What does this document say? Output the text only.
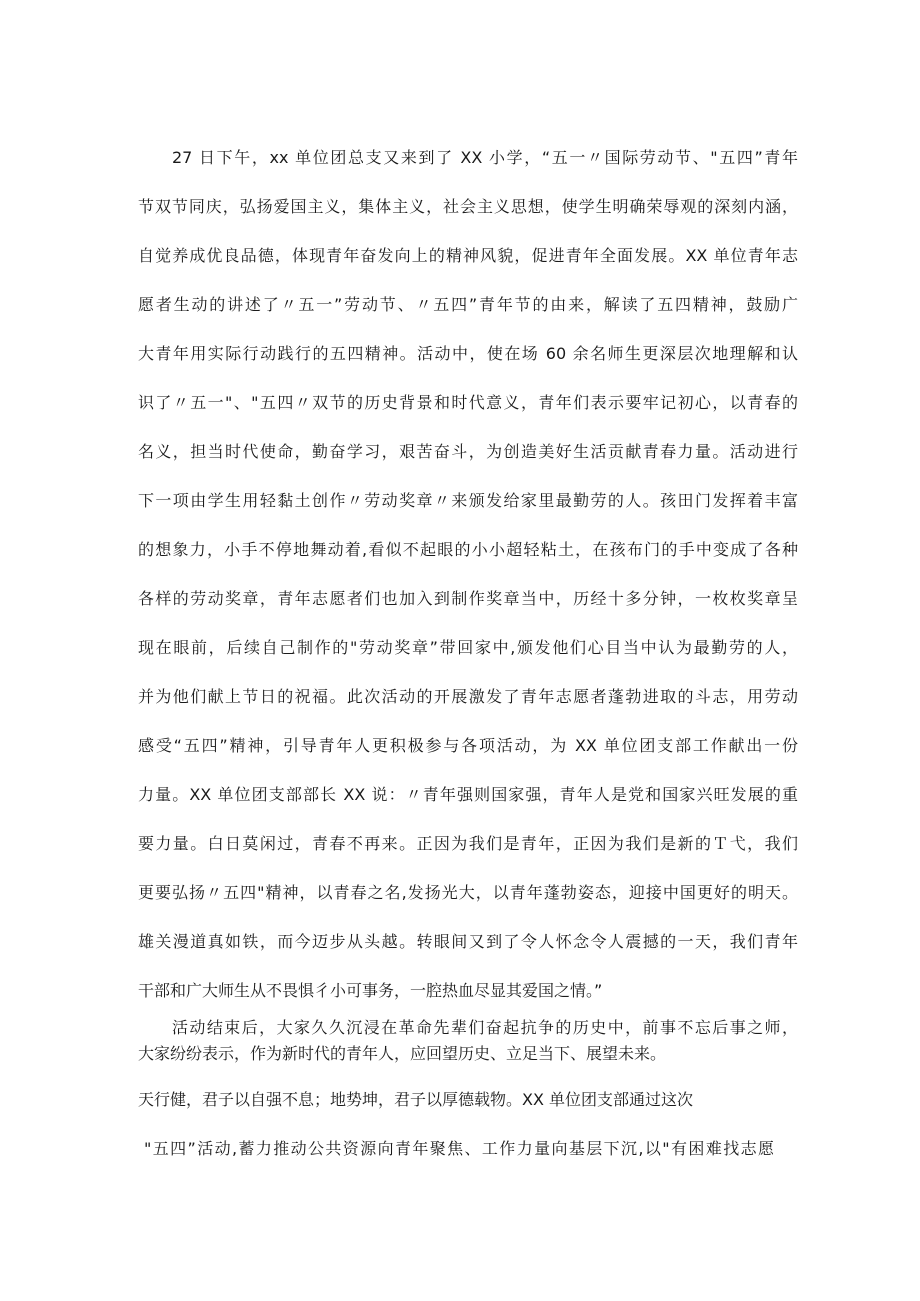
27 日下午，xx 单位团总支又来到了 XX 小学，“五一〃国际劳动节、"五四”青年
节双节同庆，弘扬爱国主义，集体主义，社会主义思想，使学生明确荣辱观的深刻内涵，
自觉养成优良品德，体现青年奋发向上的精神风貌，促进青年全面发展。XX 单位青年志
愿者生动的讲述了〃五一”劳动节、〃五四”青年节的由来，解读了五四精神，鼓励广
大青年用实际行动践行的五四精神。活动中，使在场 60 余名师生更深层次地理解和认
识了〃五一"、"五四〃双节的历史背景和时代意义，青年们表示要牢记初心，以青春的
名义，担当时代使命，勤奋学习，艰苦奋斗，为创造美好生活贡献青春力量。活动进行
下一项由学生用轻黏土创作〃劳动奖章〃来颁发给家里最勤劳的人。孩田门发挥着丰富
的想象力，小手不停地舞动着,看似不起眼的小小超轻粘土，在孩布门的手中变成了各种
各样的劳动奖章，青年志愿者们也加入到制作奖章当中，历经十多分钟，一枚枚奖章呈
现在眼前，后续自己制作的"劳动奖章”带回家中,颁发他们心目当中认为最勤劳的人，
并为他们献上节日的祝福。此次活动的开展激发了青年志愿者蓬勃进取的斗志，用劳动
感受“五四”精神，引导青年人更积极参与各项活动，为 XX 单位团支部工作献出一份
力量。XX 单位团支部部长 XX 说：〃青年强则国家强，青年人是党和国家兴旺发展的重
要力量。白日莫闲过，青春不再来。正因为我们是青年，正因为我们是新的Ｔ弋，我们
更要弘扬〃五四"精神，以青春之名,发扬光大，以青年蓬勃姿态，迎接中国更好的明天。
雄关漫道真如铁，而今迈步从头越。转眼间又到了令人怀念令人震撼的一天，我们青年
干部和广大师生从不畏惧彳小可事务，一腔热血尽显其爱国之情。”
活动结束后，大家久久沉浸在革命先辈们奋起抗争的历史中，前事不忘后事之师，
大家纷纷表示，作为新时代的青年人，应回望历史、立足当下、展望未来。
天行健，君子以自强不息；地势坤，君子以厚德载物。XX 单位团支部通过这次
"五四”活动,蓄力推动公共资源向青年聚焦、工作力量向基层下沉,以"有困难找志愿
